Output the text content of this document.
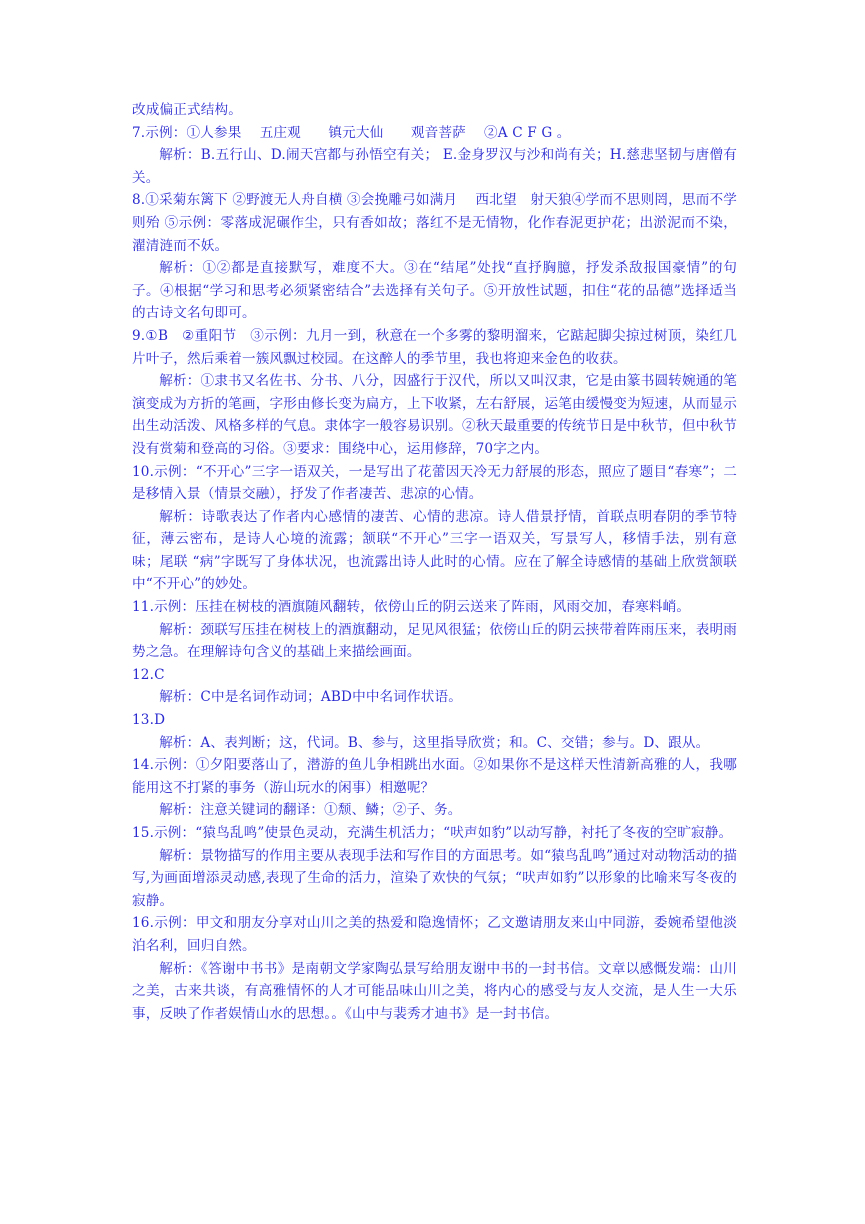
改成偏正式结构。

7.示例：①人参果　 五庄观　　镇元大仙　　观音菩萨　 ②A C F G 。

解析：B.五行山、D.闹天宫都与孙悟空有关； E.金身罗汉与沙和尚有关；H.慈悲坚韧与唐僧有关。

8.①采菊东篱下 ②野渡无人舟自横 ③会挽雕弓如满月　 西北望　射天狼④学而不思则罔，思而不学则殆 ⑤示例：零落成泥碾作尘，只有香如故；落红不是无情物，化作春泥更护花；出淤泥而不染，濯清涟而不妖。

解析：①②都是直接默写，难度不大。③在“结尾”处找“直抒胸臆，抒发杀敌报国豪情”的句子。④根据“学习和思考必须紧密结合”去选择有关句子。⑤开放性试题，扣住“花的品德”选择适当的古诗文名句即可。

9.①B　②重阳节　③示例：九月一到，秋意在一个多雾的黎明溜来，它踮起脚尖掠过树顶，染红几片叶子，然后乘着一簇风飘过校园。在这醉人的季节里，我也将迎来金色的收获。

解析：①隶书又名佐书、分书、八分，因盛行于汉代，所以又叫汉隶，它是由篆书圆转婉通的笔演变成为方折的笔画，字形由修长变为扁方，上下收紧，左右舒展，运笔由缓慢变为短速，从而显示出生动活泼、风格多样的气息。隶体字一般容易识别。②秋天最重要的传统节日是中秋节，但中秋节没有赏菊和登高的习俗。③要求：围绕中心，运用修辞，70字之内。

10.示例：“不开心”三字一语双关，一是写出了花蕾因天冷无力舒展的形态，照应了题目“春寒”；二是移情入景（情景交融），抒发了作者凄苦、悲凉的心情。

解析：诗歌表达了作者内心感情的凄苦、心情的悲凉。诗人借景抒情，首联点明春阴的季节特征，薄云密布，是诗人心境的流露；颔联“不开心”三字一语双关，写景写人，移情手法，别有意味；尾联 “病”字既写了身体状况，也流露出诗人此时的心情。应在了解全诗感情的基础上欣赏颔联中“不开心”的妙处。

11.示例：压挂在树枝的酒旗随风翻转，依傍山丘的阴云送来了阵雨，风雨交加，春寒料峭。

解析：颈联写压挂在树枝上的酒旗翻动，足见风很猛；依傍山丘的阴云挟带着阵雨压来，表明雨势之急。在理解诗句含义的基础上来描绘画面。

12.C

解析：C中是名词作动词；ABD中中名词作状语。

13.D

解析：A、表判断；这，代词。B、参与，这里指导欣赏；和。C、交错；参与。D、跟从。

14.示例：①夕阳要落山了，潜游的鱼儿争相跳出水面。②如果你不是这样天性清新高雅的人，我哪能用这不打紧的事务（游山玩水的闲事）相邀呢？

解析：注意关键词的翻译：①颓、鳞；②子、务。

15.示例：“猿鸟乱鸣”使景色灵动，充满生机活力；“吠声如豹”以动写静，衬托了冬夜的空旷寂静。

解析：景物描写的作用主要从表现手法和写作目的方面思考。如“猿鸟乱鸣”通过对动物活动的描写,为画面增添灵动感,表现了生命的活力，渲染了欢快的气氛；“吠声如豹”以形象的比喻来写冬夜的寂静。

16.示例：甲文和朋友分享对山川之美的热爱和隐逸情怀；乙文邀请朋友来山中同游，委婉希望他淡泊名利，回归自然。

解析：《答谢中书书》是南朝文学家陶弘景写给朋友谢中书的一封书信。文章以感慨发端：山川之美，古来共谈，有高雅情怀的人才可能品味山川之美，将内心的感受与友人交流，是人生一大乐事，反映了作者娱情山水的思想。。《山中与裴秀才迪书》是一封书信。
